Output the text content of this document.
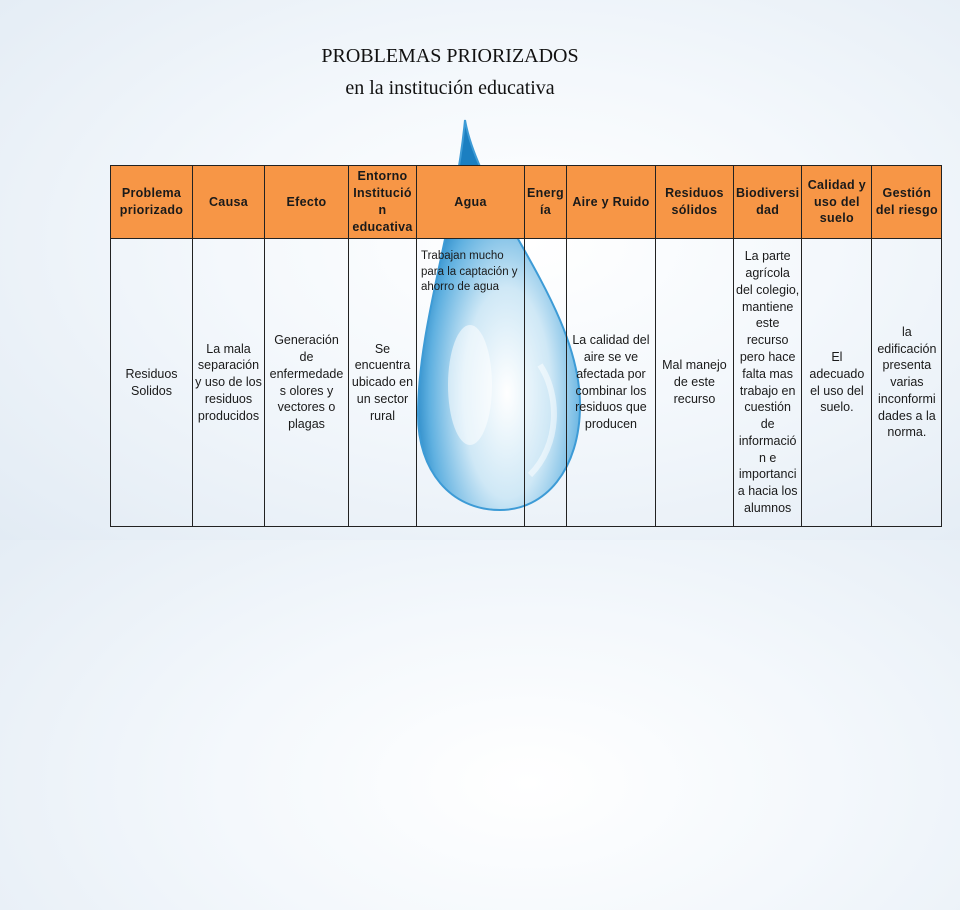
PROBLEMAS PRIORIZADOS
en la institución educativa
Problema priorizado	Causa	Efecto	Entorno Institució n educativa	Agua	Energ ía	Aire y Ruido	Residuos sólidos	Biodiversi dad	Calidad y uso del suelo	Gestión del riesgo
Residuos Solidos	La mala separación y uso de los residuos producidos	Generación de enfermedade s olores y vectores o plagas	Se encuentra ubicado en un sector rural	Trabajan mucho para la captación y ahorro de agua		La calidad del aire se ve afectada por combinar los residuos que producen	Mal manejo de este recurso	La parte agrícola del colegio, mantiene este recurso pero hace falta mas trabajo en cuestión de informació n e importanci a hacia los alumnos	El adecuado el uso del suelo.	la edificación presenta varias inconformi dades a la norma.
